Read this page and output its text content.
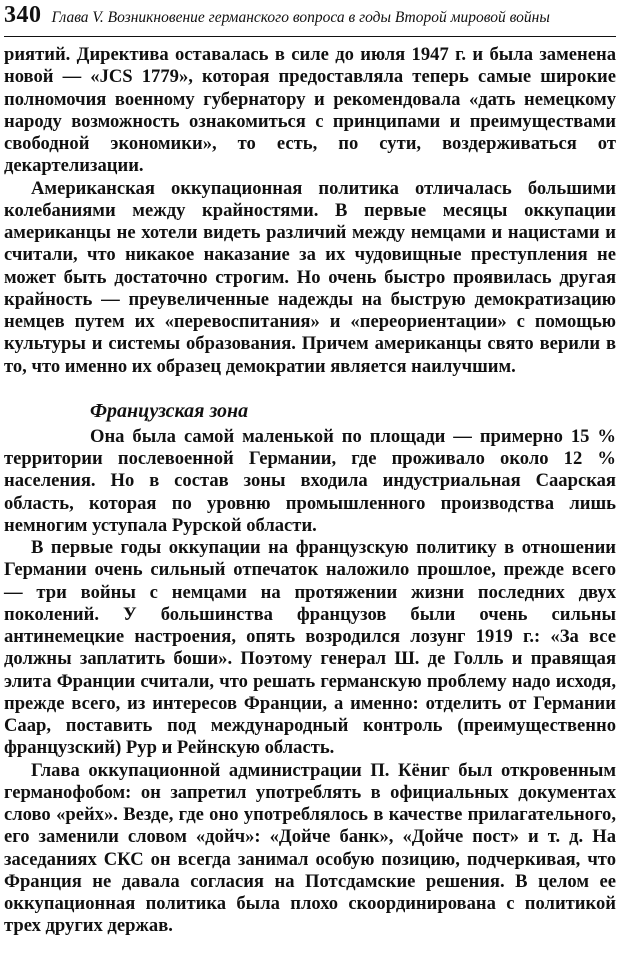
340 Глава V. Возникновение германского вопроса в годы Второй мировой войны

риятий. Директива оставалась в силе до июля 1947 г. и была заменена новой — «JCS 1779», которая предоставляла теперь самые широкие полномочия военному губернатору и рекомендовала «дать немецкому народу возможность ознакомиться с принципами и преимуществами свободной экономики», то есть, по сути, воздерживаться от декартелизации.

Американская оккупационная политика отличалась большими колебаниями между крайностями. В первые месяцы оккупации американцы не хотели видеть различий между немцами и нацистами и считали, что никакое наказание за их чудовищные преступления не может быть достаточно строгим. Но очень быстро проявилась другая крайность — преувеличенные надежды на быструю демократизацию немцев путем их «перевоспитания» и «переориентации» с помощью культуры и системы образования. Причем американцы свято верили в то, что именно их образец демократии является наилучшим.

Французская зона

Она была самой маленькой по площади — примерно 15 % территории послевоенной Германии, где проживало около 12 % населения. Но в состав зоны входила индустриальная Саарская область, которая по уровню промышленного производства лишь немногим уступала Рурской области.

В первые годы оккупации на французскую политику в отношении Германии очень сильный отпечаток наложило прошлое, прежде всего — три войны с немцами на протяжении жизни последних двух поколений. У большинства французов были очень сильны антинемецкие настроения, опять возродился лозунг 1919 г.: «За все должны заплатить боши». Поэтому генерал Ш. де Голль и правящая элита Франции считали, что решать германскую проблему надо исходя, прежде всего, из интересов Франции, а именно: отделить от Германии Саар, поставить под международный контроль (преимущественно французский) Рур и Рейнскую область.

Глава оккупационной администрации П. Кёниг был откровенным германофобом: он запретил употреблять в официальных документах слово «рейх». Везде, где оно употреблялось в качестве прилагательного, его заменили словом «дойч»: «Дойче банк», «Дойче пост» и т. д. На заседаниях СКС он всегда занимал особую позицию, подчеркивая, что Франция не давала согласия на Потсдамские решения. В целом ее оккупационная политика была плохо скоординирована с политикой трех других держав.
